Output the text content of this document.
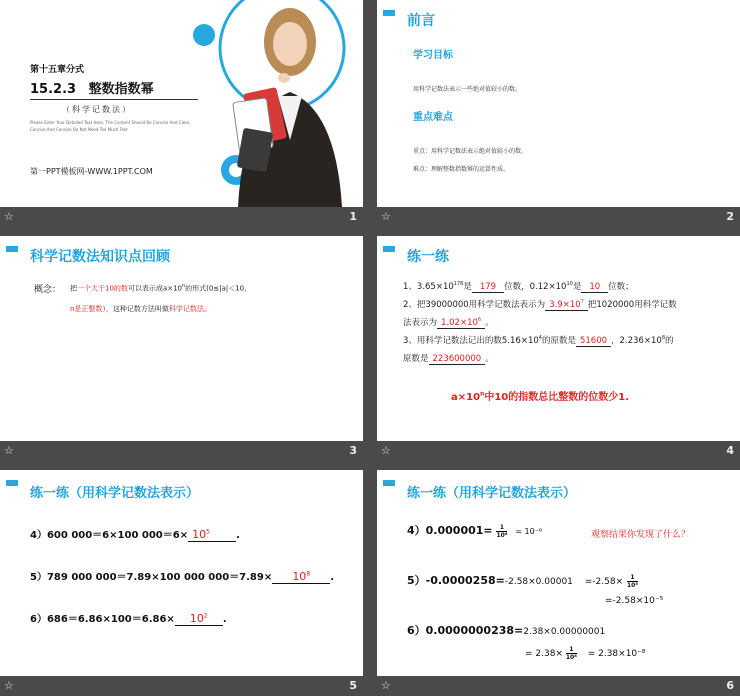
第十五章分式
15.2.3 整数指数幂
（科学记数法）
Please Enter Your Detailed Text Here, The Content Should Be Concise And Clear,
Concise And Concise Do Not Need Too Much Text
第一PPT模板网-WWW.1PPT.COM
☆	1
前言
学习目标
用科学记数法表示一些绝对值较小的数。
重点难点
重点：用科学记数法表示绝对值较小的数。
难点：理解整数指数幂的运算性质。
☆	2
科学记数法知识点回顾
概念： 把一个大于10的数可以表示成$a\times 10^n$的形式(0≤|a|＜10,
n是正整数），这种记数方法叫做科学记数法。
☆	3
练一练
1、$3.65\times 10^{178}$是 179 位数，$0.12\times 10^{10}$是 10 位数；
2、把39000000用科学记数法表示为 $3.9\times 10^7$ 把1020000用科学记数
法表示为 $1.02\times 10^6$ 。
3、用科学记数法记出的数$5.16\times 10^4$的原数是 51600 ，$2.236\times 10^8$的
原数是 223600000 。
$a\times 10^n$中10的指数总比整数的位数少1.
☆	4
练一练（用科学记数法表示）
4）600 000＝6×100 $000=6\times 10^5$	.
5）789 000 000＝7.89×100 000 $000=7.89\times 10^8$ .
$6)686=6.86\times 100=6.86\times 10^2$ .
☆	5
练一练（用科学记数法表示）
$4)0.000001= \frac{1}{\text{10⁶}} = 10^{-6}$	观察结果你发现了什么？
$5)-0.0000258=-2.58\times 0.00001 =-2.58\times \frac{1}{\text{10⁵}}$
=-2.58×10⁻⁵
6）0.0000000238=2.38×0.00000001
= $2.38\times \frac{1}{\text{10⁸}} = 2.38\times 10^{-8}$
☆	6
